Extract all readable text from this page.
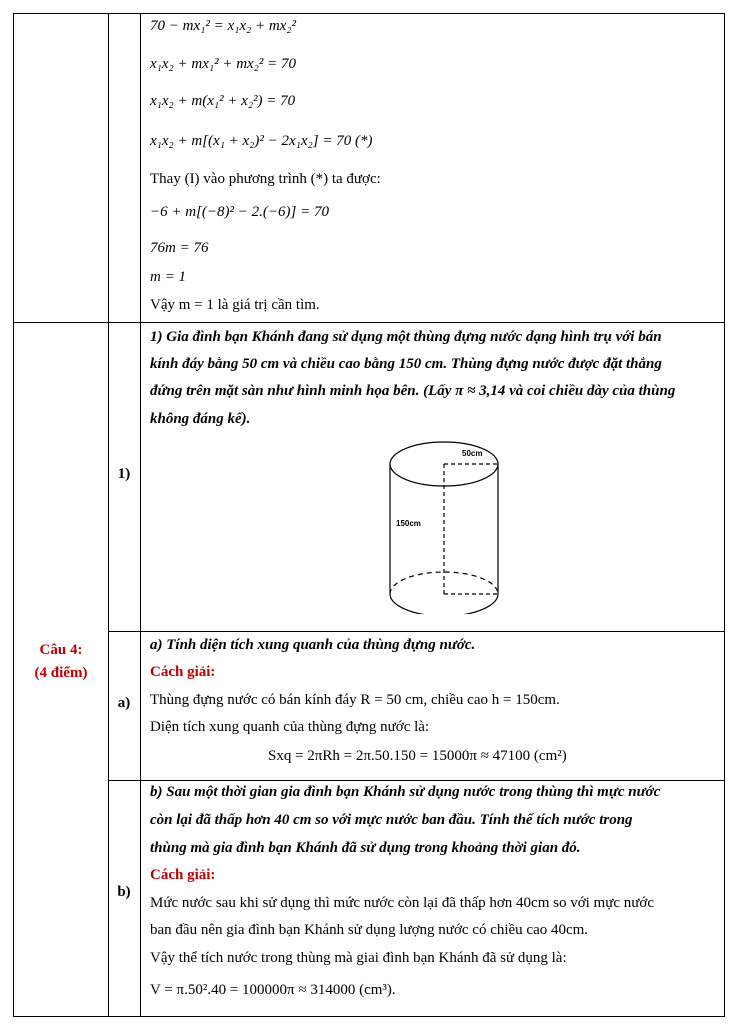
70 − mx₁² = x₁x₂ + mx₂²
x₁x₂ + mx₁² + mx₂² = 70
x₁x₂ + m(x₁² + x₂²) = 70
x₁x₂ + m[(x₁ + x₂)² − 2x₁x₂] = 70 (*)
Thay (I) vào phương trình (*) ta được:
−6 + m[(−8)² − 2.(−6)] = 70
76m = 76
m = 1
Vậy m = 1 là giá trị cần tìm.
Câu 4:
(4 điểm)
1)
a)
b)
1) Gia đình bạn Khánh đang sử dụng một thùng đựng nước dạng hình trụ với bán
kính đáy bằng 50 cm và chiều cao bằng 150 cm. Thùng đựng nước được đặt thẳng
đứng trên mặt sàn như hình minh họa bên. (Lấy π ≈ 3,14 và coi chiều dày của thùng
không đáng kể).
50cm
150cm
a) Tính diện tích xung quanh của thùng đựng nước.
Cách giải:
Thùng đựng nước có bán kính đáy R = 50 cm, chiều cao h = 150cm.
Diện tích xung quanh của thùng đựng nước là:
Sxq = 2πRh = 2π.50.150 = 15000π ≈ 47100 (cm²)
b) Sau một thời gian gia đình bạn Khánh sử dụng nước trong thùng thì mực nước
còn lại đã thấp hơn 40 cm so với mực nước ban đầu. Tính thể tích nước trong
thùng mà gia đình bạn Khánh đã sử dụng trong khoảng thời gian đó.
Cách giải:
Mức nước sau khi sử dụng thì mức nước còn lại đã thấp hơn 40cm so với mực nước
ban đầu nên gia đình bạn Khánh sử dụng lượng nước có chiều cao 40cm.
Vậy thể tích nước trong thùng mà giai đình bạn Khánh đã sử dụng là:
V = π.50².40 = 100000π ≈ 314000 (cm³).
